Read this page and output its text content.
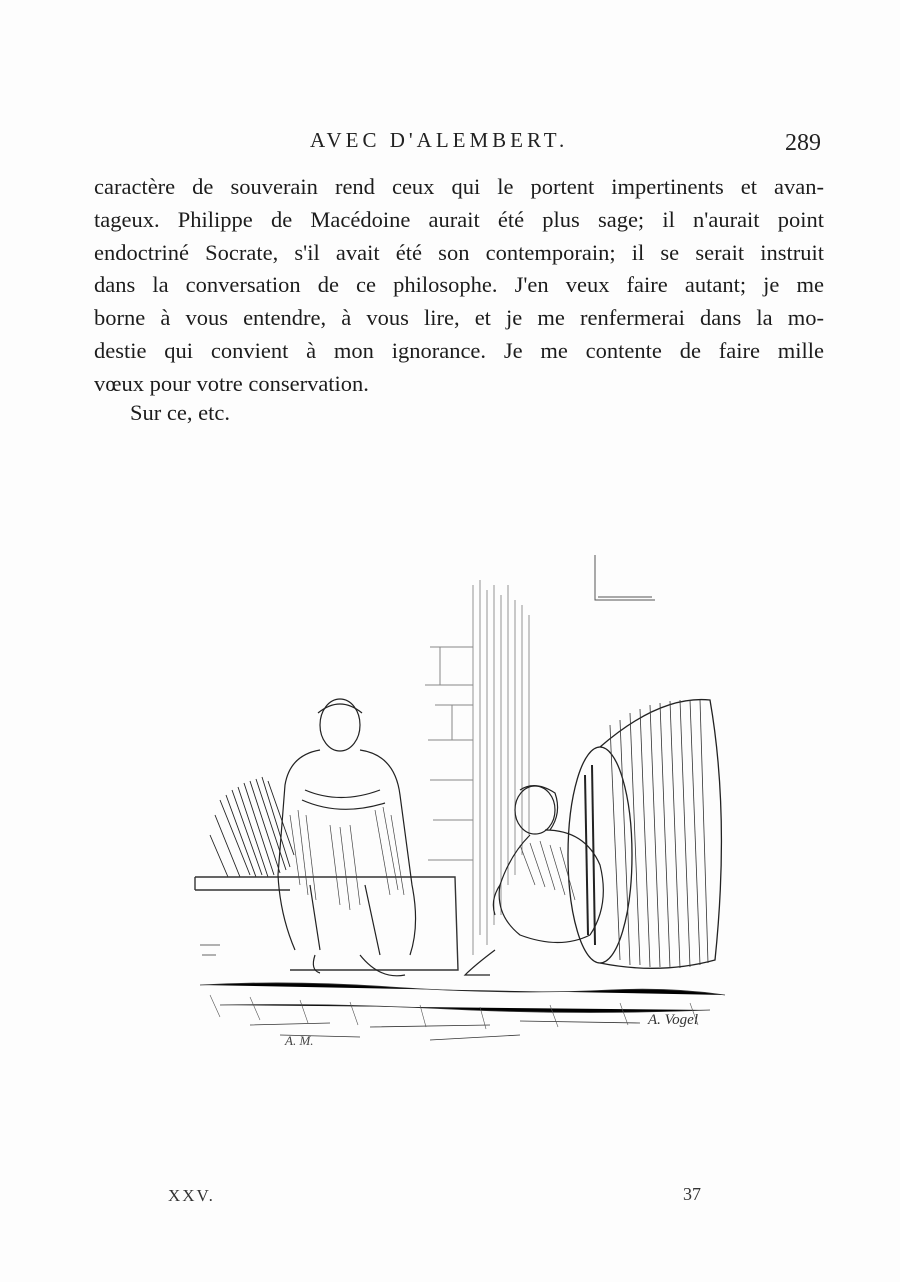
AVEC D'ALEMBERT.	289
caractère de souverain rend ceux qui le portent impertinents et avan-
tageux. Philippe de Macédoine aurait été plus sage; il n'aurait point
endoctriné Socrate, s'il avait été son contemporain; il se serait instruit
dans la conversation de ce philosophe. J'en veux faire autant; je me
borne à vous entendre, à vous lire, et je me renfermerai dans la mo-
destie qui convient à mon ignorance. Je me contente de faire mille
vœux pour votre conservation.
Sur ce, etc.
A. M.
A. Vogel
XXV.	37
